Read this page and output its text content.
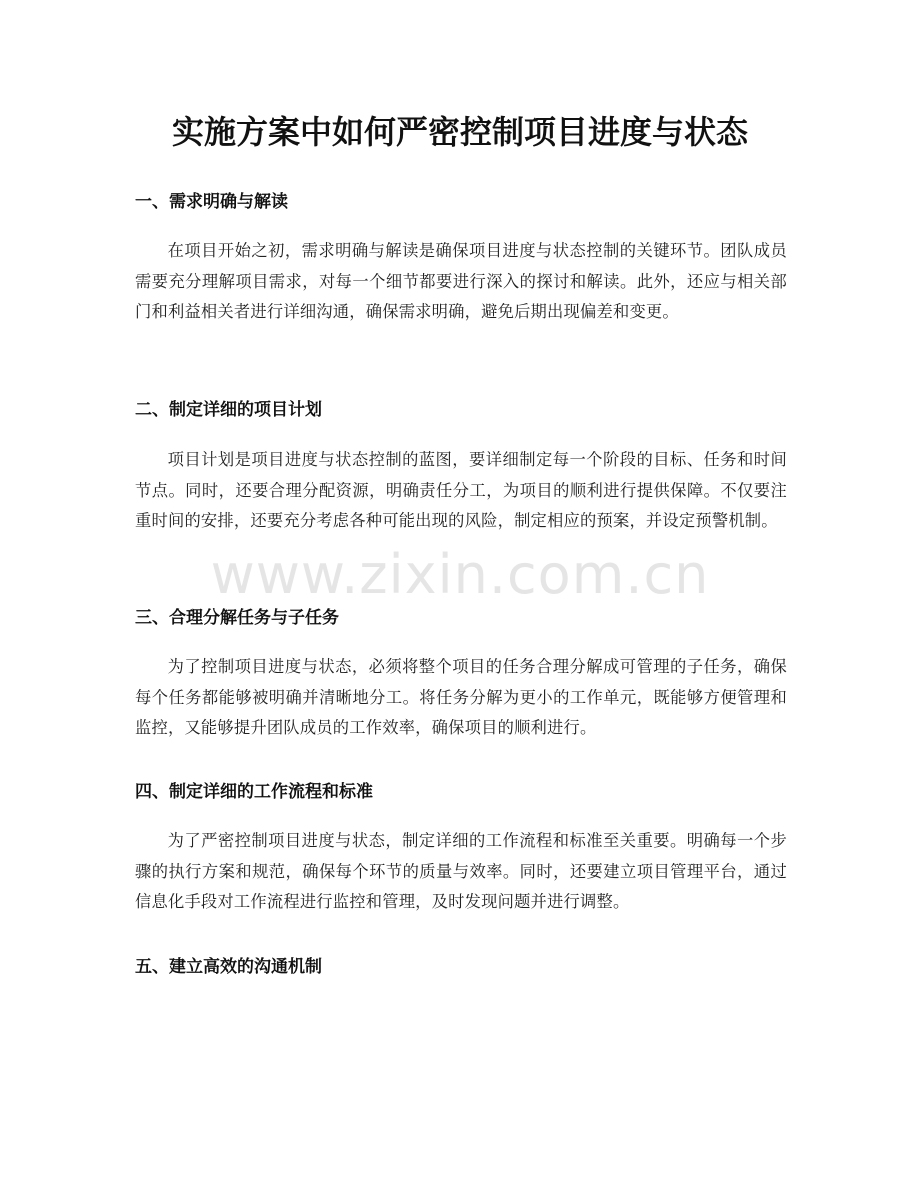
实施方案中如何严密控制项目进度与状态
一、需求明确与解读

在项目开始之初，需求明确与解读是确保项目进度与状态控制的关键环节。团队成员需要充分理解项目需求，对每一个细节都要进行深入的探讨和解读。此外，还应与相关部门和利益相关者进行详细沟通，确保需求明确，避免后期出现偏差和变更。

二、制定详细的项目计划

项目计划是项目进度与状态控制的蓝图，要详细制定每一个阶段的目标、任务和时间节点。同时，还要合理分配资源，明确责任分工，为项目的顺利进行提供保障。不仅要注重时间的安排，还要充分考虑各种可能出现的风险，制定相应的预案，并设定预警机制。

三、合理分解任务与子任务

为了控制项目进度与状态，必须将整个项目的任务合理分解成可管理的子任务，确保每个任务都能够被明确并清晰地分工。将任务分解为更小的工作单元，既能够方便管理和监控，又能够提升团队成员的工作效率，确保项目的顺利进行。

四、制定详细的工作流程和标准

为了严密控制项目进度与状态，制定详细的工作流程和标准至关重要。明确每一个步骤的执行方案和规范，确保每个环节的质量与效率。同时，还要建立项目管理平台，通过信息化手段对工作流程进行监控和管理，及时发现问题并进行调整。

五、建立高效的沟通机制
www.zixin.com.cn
